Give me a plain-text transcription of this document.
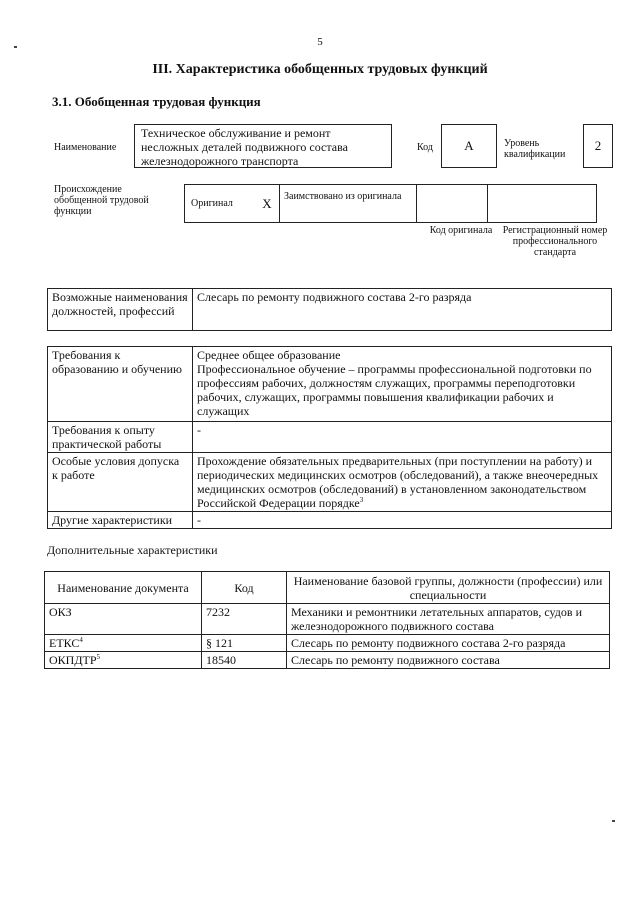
5
III. Характеристика обобщенных трудовых функций
3.1. Обобщенная трудовая функция
Наименование
Техническое обслуживание и ремонт несложных деталей подвижного состава железнодорожного транспорта
Код	A	Уровень квалификации
2
Происхождение обобщенной трудовой функции
Оригинал	X	Заимствовано из оригинала		
Код оригинала	Регистрационный номер профессионального стандарта
Возможные наименования должностей, профессий	Слесарь по ремонту подвижного состава 2-го разряда
Требования к образованию и обучению	Среднее общее образование
Профессиональное обучение – программы профессиональной подготовки по профессиям рабочих, должностям служащих, программы переподготовки рабочих, служащих, программы повышения квалификации рабочих и служащих

Требования к опыту практической работы	-
Особые условия допуска к работе	Прохождение обязательных предварительных (при поступлении на работу) и периодических медицинских осмотров (обследований), а также внеочередных медицинских осмотров (обследований) в установленном законодательством Российской Федерации порядке$^3$
Другие характеристики	-
Дополнительные характеристики
Наименование документа	Код	Наименование базовой группы, должности (профессии) или специальности
ОКЗ	7232	Механики и ремонтники летательных аппаратов, судов и железнодорожного подвижного состава
ЕТКС$^4$	§ 121	Слесарь по ремонту подвижного состава 2-го разряда
ОКПДТР$^5$	18540	Слесарь по ремонту подвижного состава
